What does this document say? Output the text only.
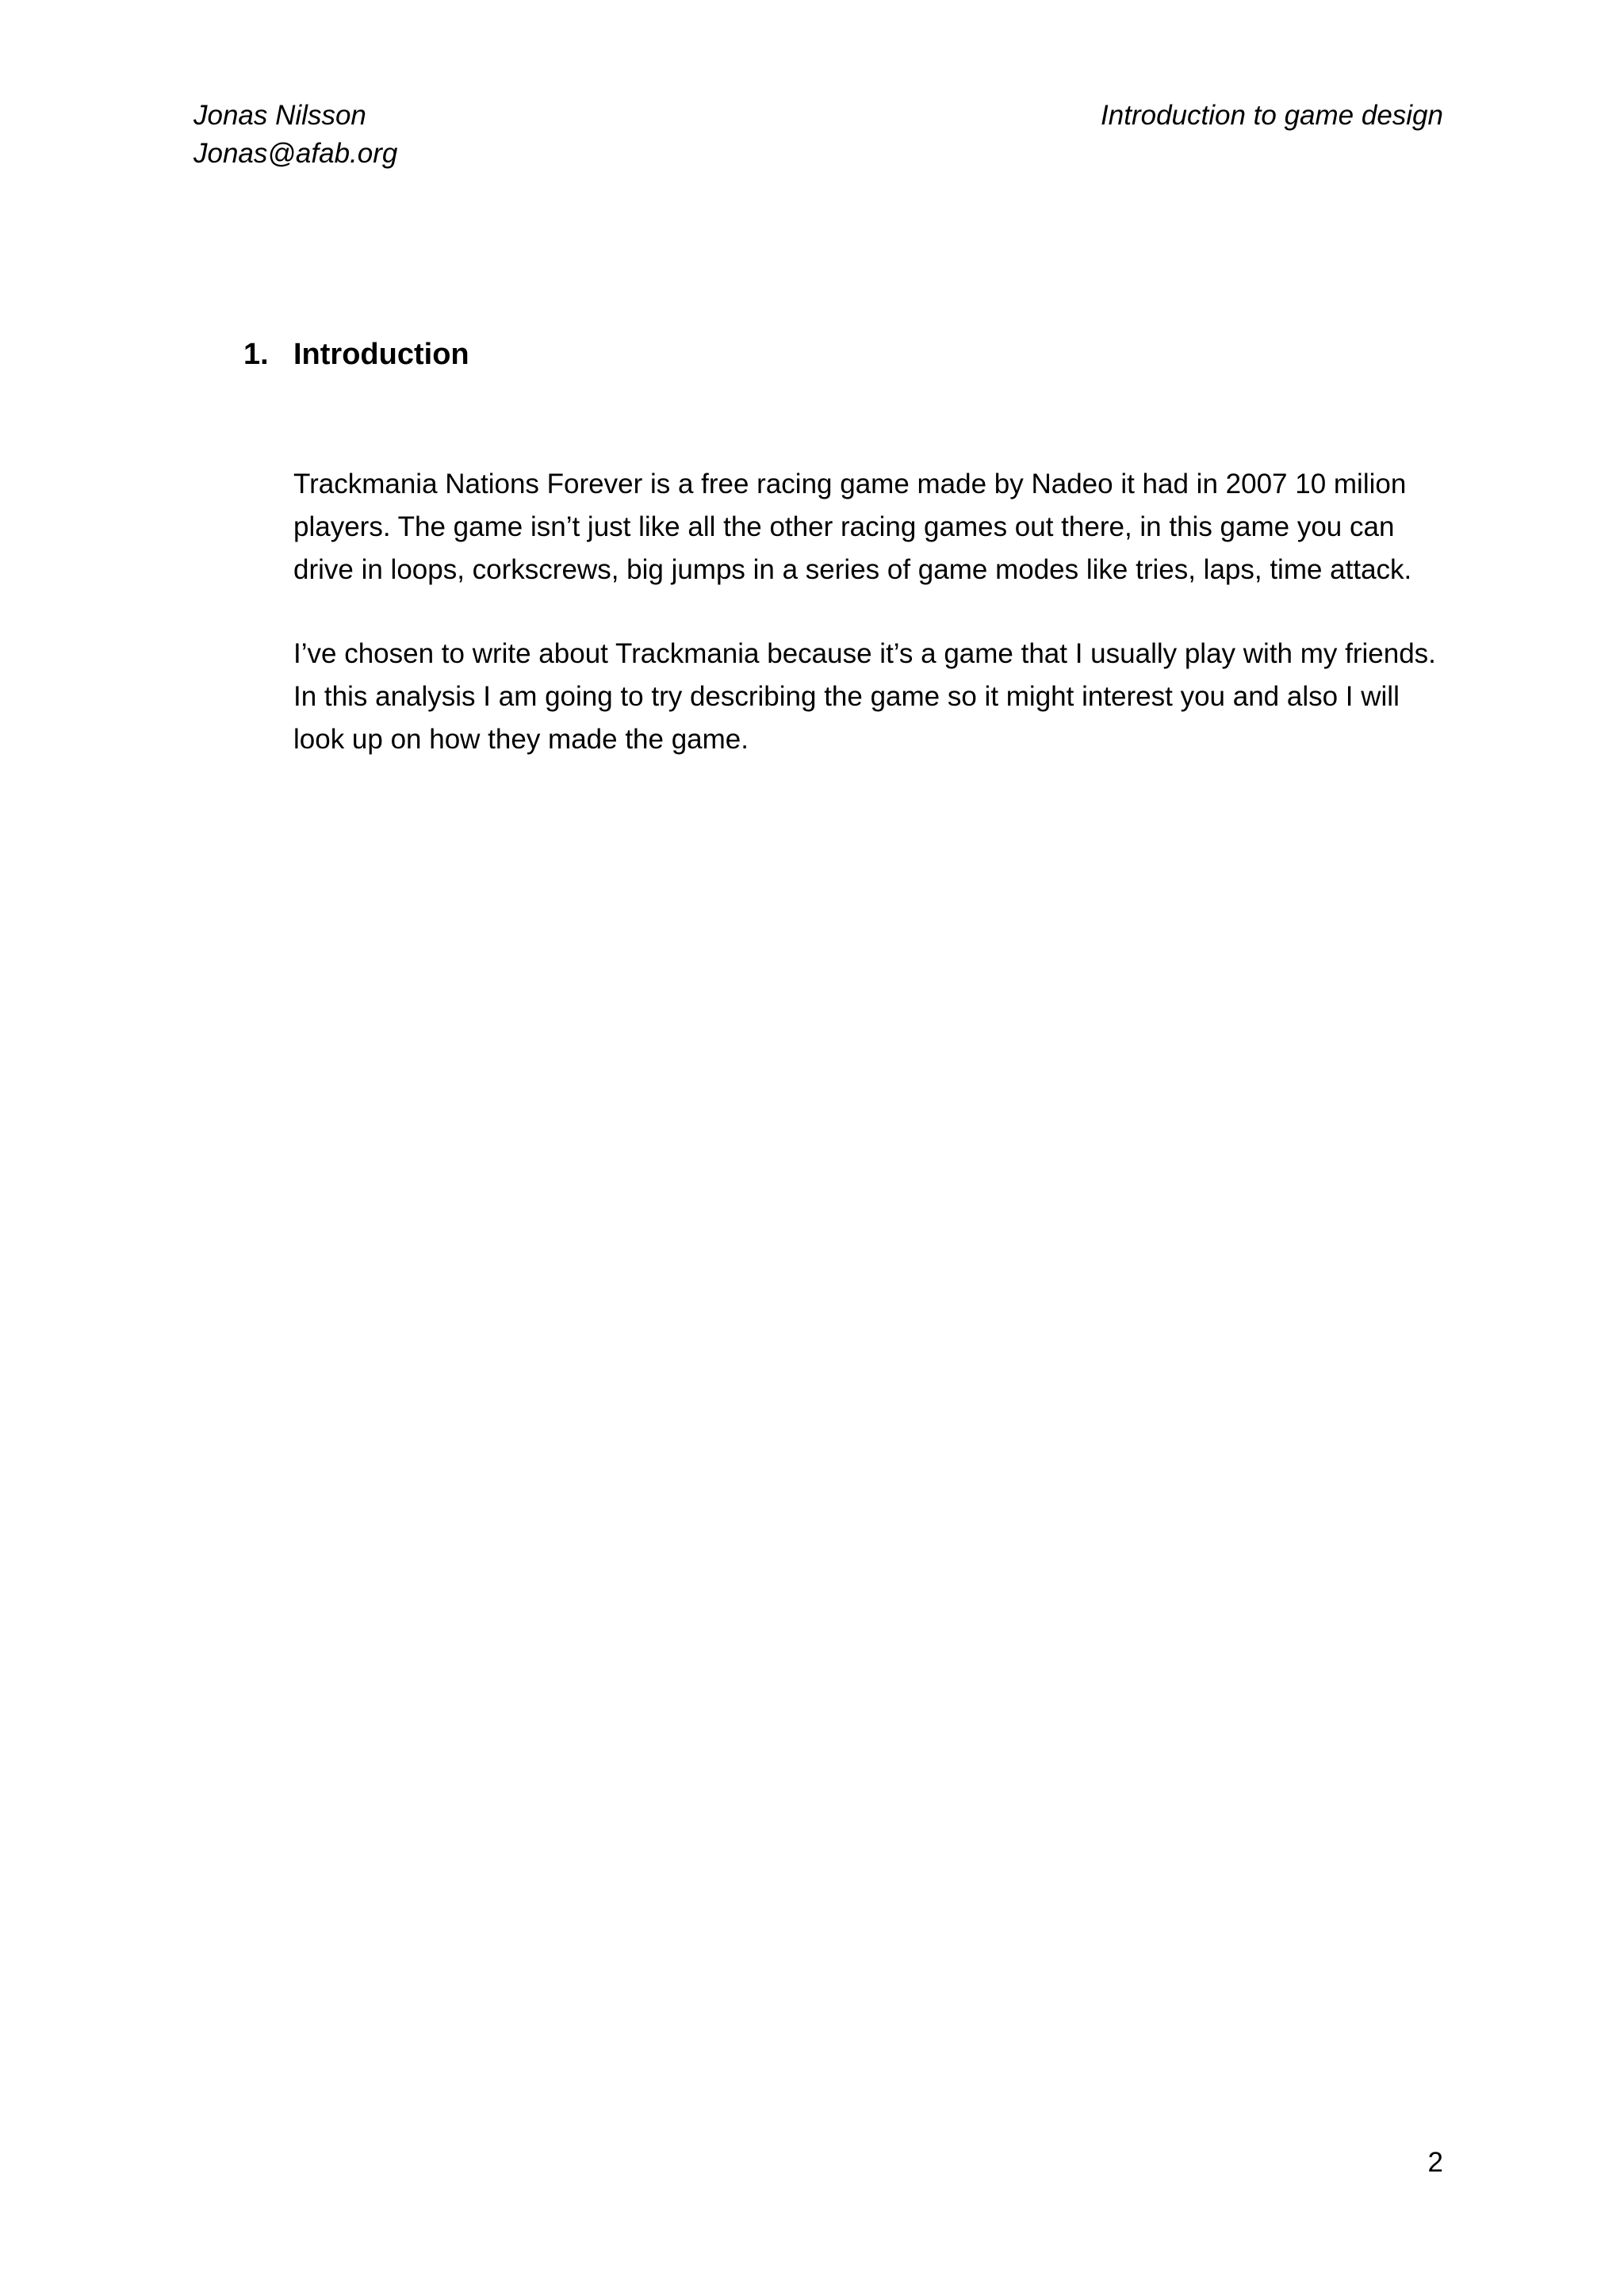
Jonas Nilsson
Jonas@afab.org
Introduction to game design
1. Introduction

Trackmania Nations Forever is a free racing game made by Nadeo it had in 2007 10 milion
players. The game isn’t just like all the other racing games out there, in this game you can
drive in loops, corkscrews, big jumps in a series of game modes like tries, laps, time attack.

I’ve chosen to write about Trackmania because it’s a game that I usually play with my friends.
In this analysis I am going to try describing the game so it might interest you and also I will
look up on how they made the game.

2
